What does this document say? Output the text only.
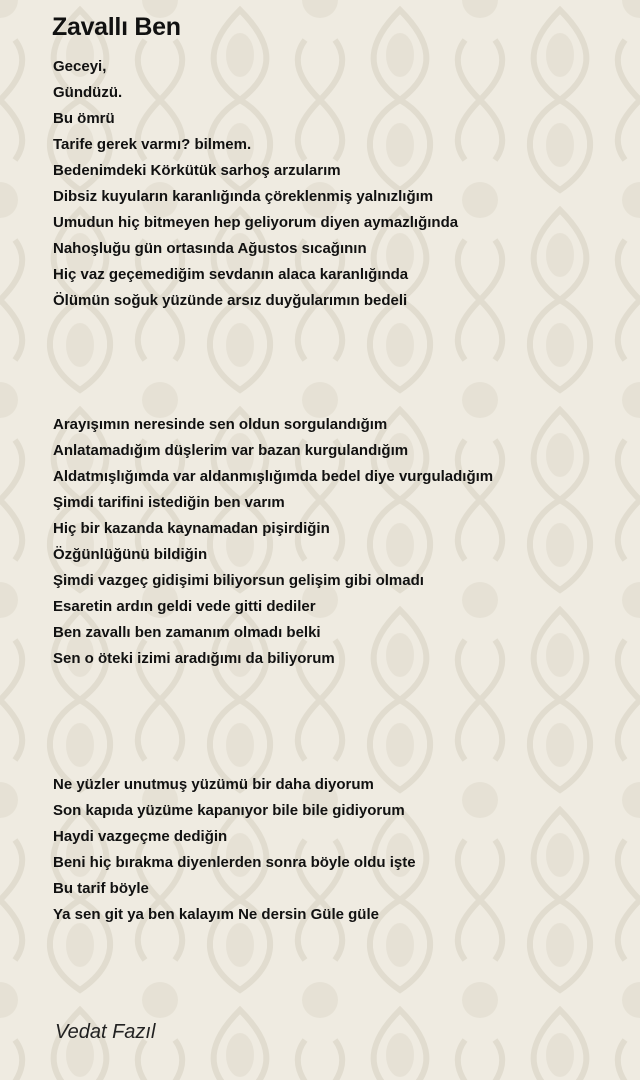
Zavallı Ben
Geceyi,
Gündüzü.
Bu ömrü
Tarife gerek varmı? bilmem.
Bedenimdeki Körkütük sarhoş arzularım
Dibsiz kuyuların karanlığında çöreklenmiş yalnızlığım
Umudun hiç bitmeyen hep geliyorum diyen aymazlığında
Nahoşluğu gün ortasında Ağustos sıcağının
Hiç vaz geçemediğim sevdanın alaca karanlığında
Ölümün soğuk yüzünde arsız duyğularımın bedeli
Arayışımın neresinde sen oldun sorgulandığım
Anlatamadığım düşlerim var bazan kurgulandığım
Aldatmışlığımda var aldanmışlığımda bedel diye vurguladığım
Şimdi tarifini istediğin ben varım
Hiç bir kazanda kaynamadan pişirdiğin
Özğünlüğünü bildiğin
Şimdi vazgeç gidişimi biliyorsun gelişim gibi olmadı
Esaretin ardın geldi vede gitti dediler
Ben zavallı ben zamanım olmadı belki
Sen o öteki izimi aradığımı da biliyorum
Ne yüzler unutmuş yüzümü bir daha diyorum
Son kapıda yüzüme kapanıyor bile bile gidiyorum
Haydi vazgeçme dediğin
Beni hiç bırakma diyenlerden sonra böyle oldu işte
Bu tarif böyle
Ya sen git ya ben kalayım Ne dersin Güle güle

Vedat Fazıl
